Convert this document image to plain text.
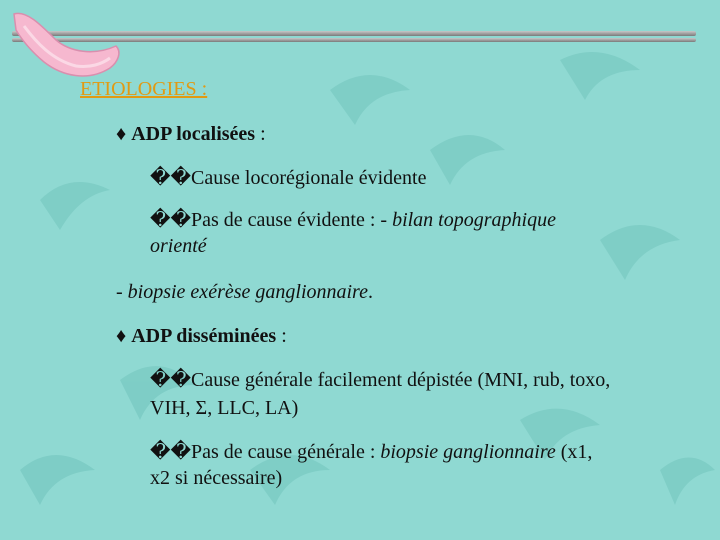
ETIOLOGIES :
♦ ADP localisées :
��Cause locorégionale évidente
��Pas de cause évidente : - bilan topographique
orienté
- biopsie exérèse ganglionnaire.
♦ ADP disséminées :
��Cause générale facilement dépistée (MNI, rub, toxo,
VIH, Σ, LLC, LA)
��Pas de cause générale : biopsie ganglionnaire (x1,
x2 si nécessaire)
